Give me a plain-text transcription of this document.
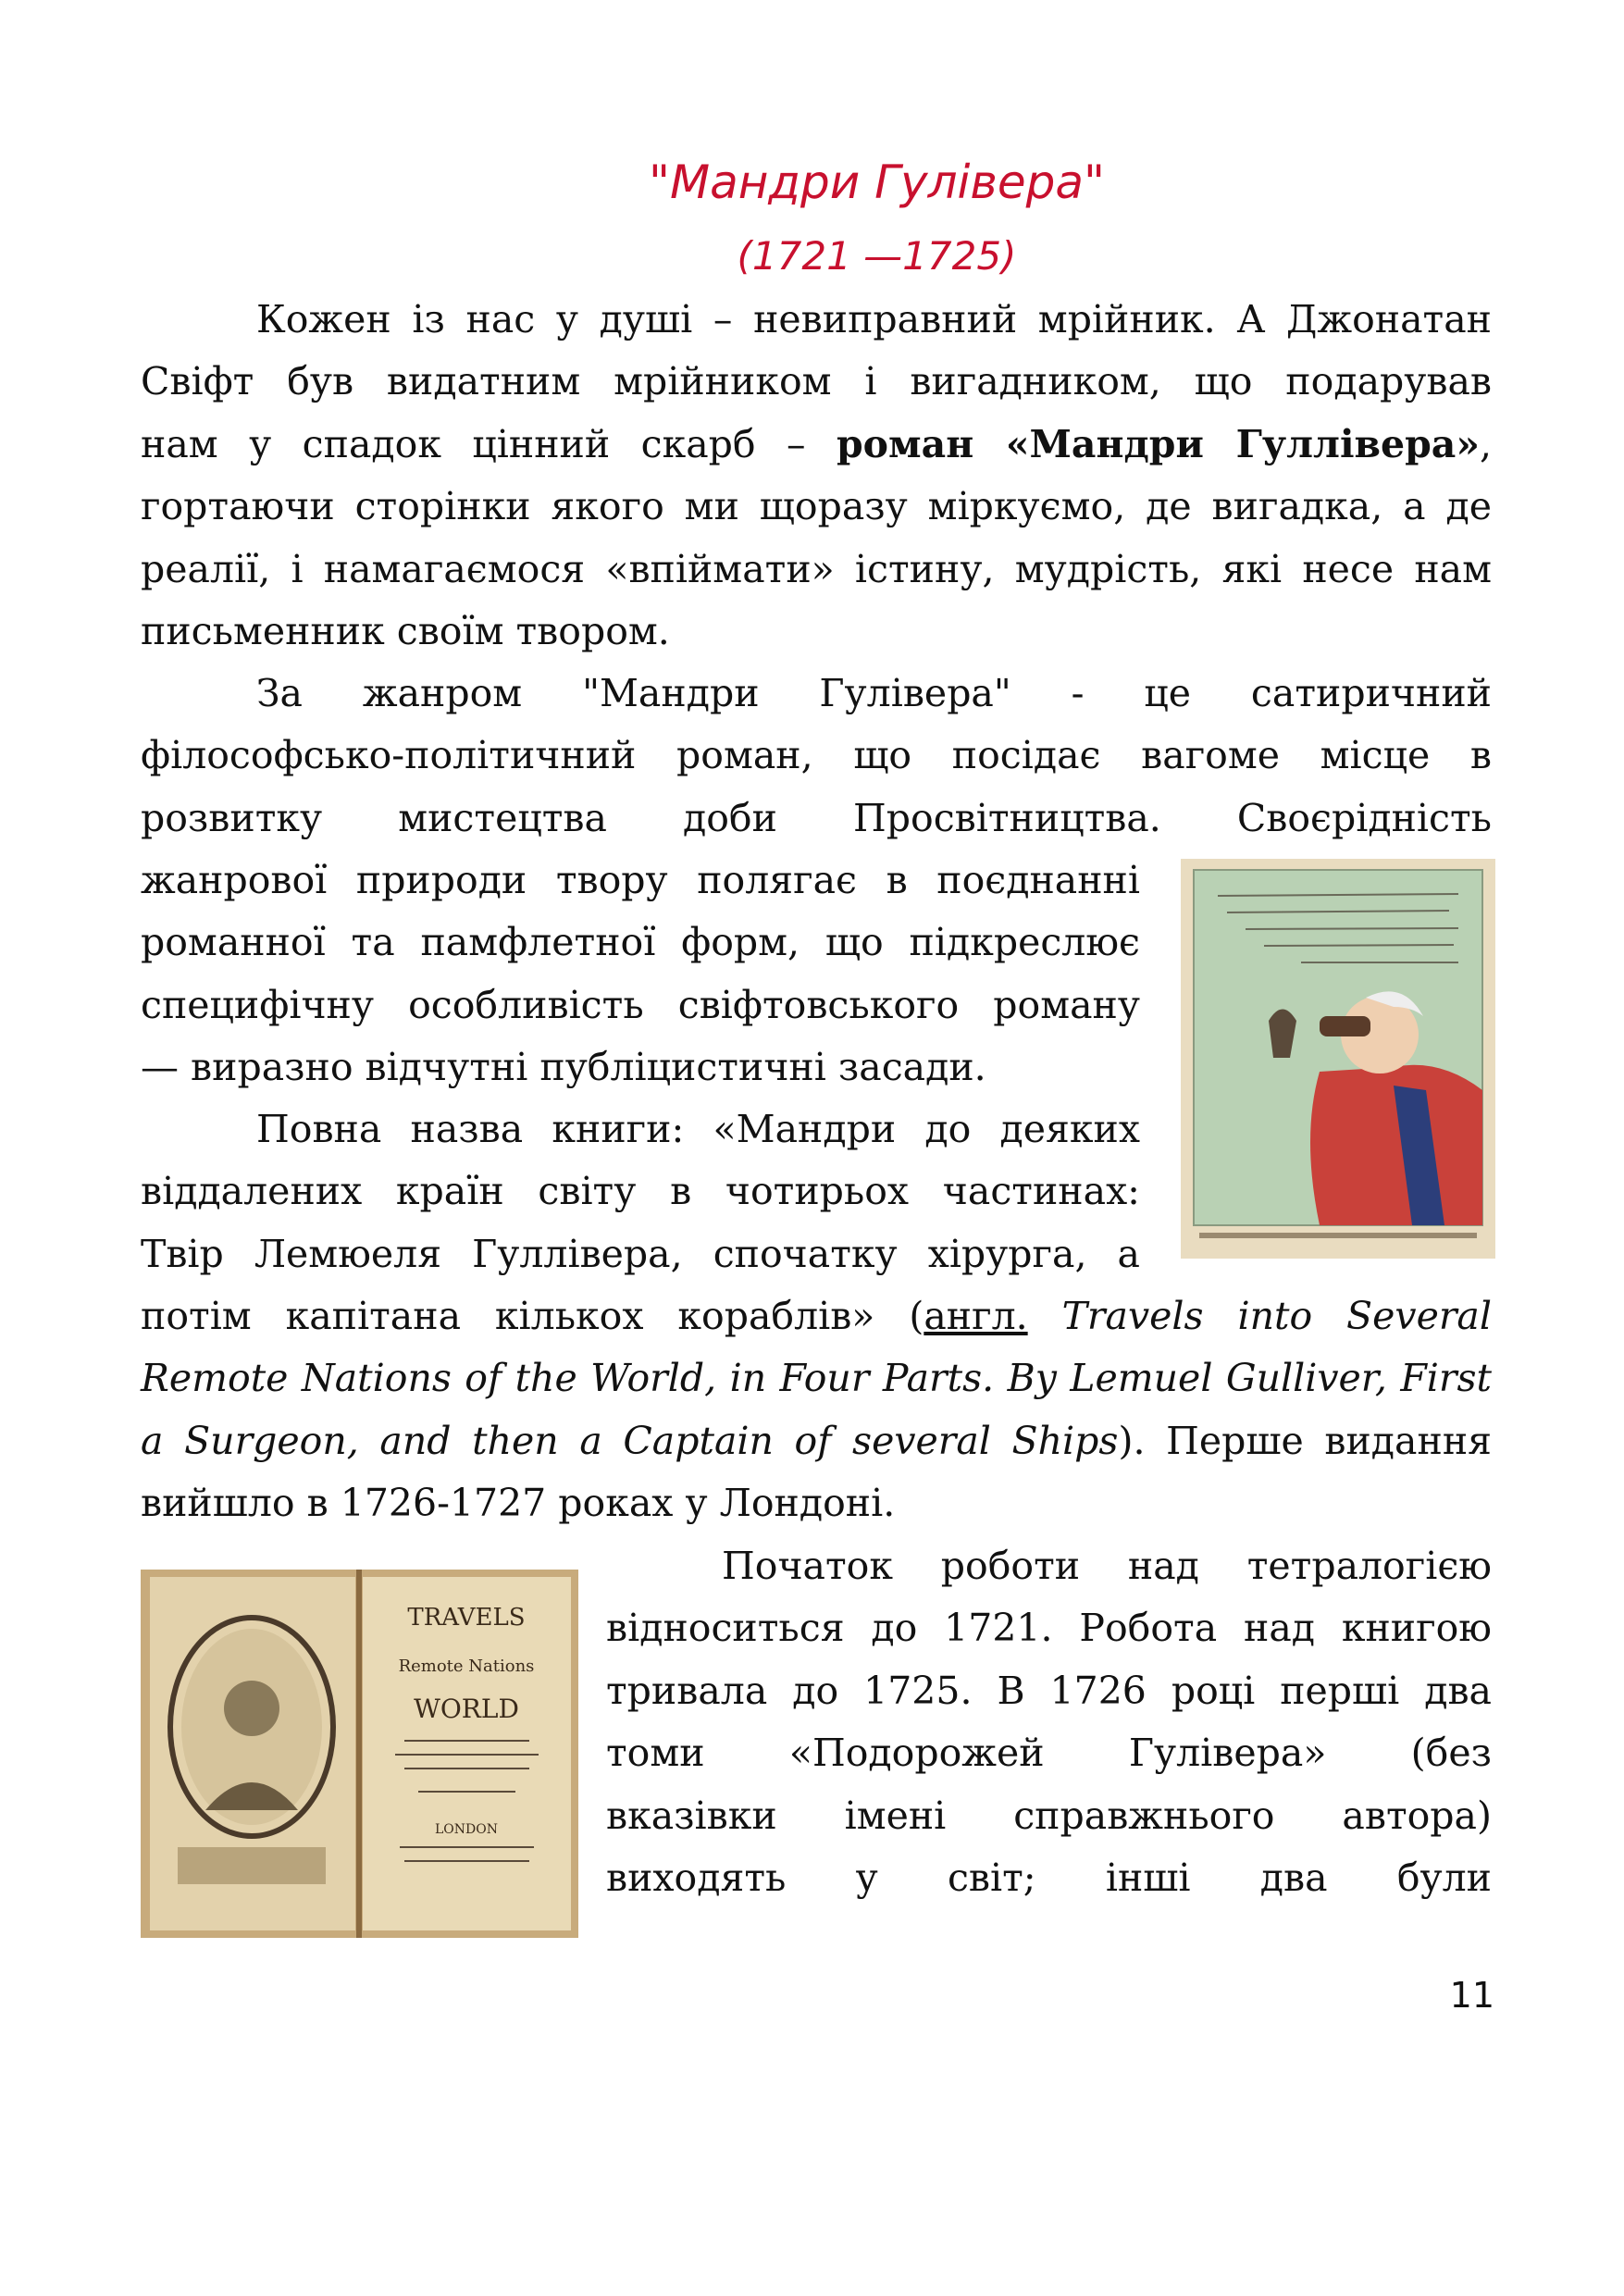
"Мандри Гулівера"
(1721 —1725)
Кожен із нас у душі – невиправний мрійник. А Джонатан
Свіфт був видатним мрійником і вигадником, що подарував
нам у спадок цінний скарб – роман «Мандри Гуллівера»,
гортаючи сторінки якого ми щоразу міркуємо, де вигадка, а де
реалії, і намагаємося «впіймати» істину, мудрість, які несе нам
письменник своїм твором.
За жанром "Мандри Гулівера" - це сатиричний
філософсько-політичний роман, що посідає вагоме місце в
розвитку мистецтва доби Просвітництва. Своєрідність
жанрової природи твору полягає в поєднанні
романної та памфлетної форм, що підкреслює
специфічну особливість свіфтовського роману
— виразно відчутні публіцистичні засади.
Повна назва книги: «Мандри до деяких
віддалених країн світу в чотирьох частинах:
Твір Лемюеля Гуллівера, спочатку хірурга, а
потім капітана кількох кораблів» (англ. Travels into Several
Remote Nations of the World, in Four Parts. By Lemuel Gulliver, First
a Surgeon, and then a Captain of several Ships). Перше видання
вийшло в 1726-1727 роках у Лондоні.
Початок роботи над тетралогією
відноситься до 1721. Робота над книгою
тривала до 1725. В 1726 році перші два
томи «Подорожей Гулівера» (без
вказівки імені справжнього автора)
виходять у світ; інші два були
TRAVELS
Remote Nations
WORLD
LONDON

11
